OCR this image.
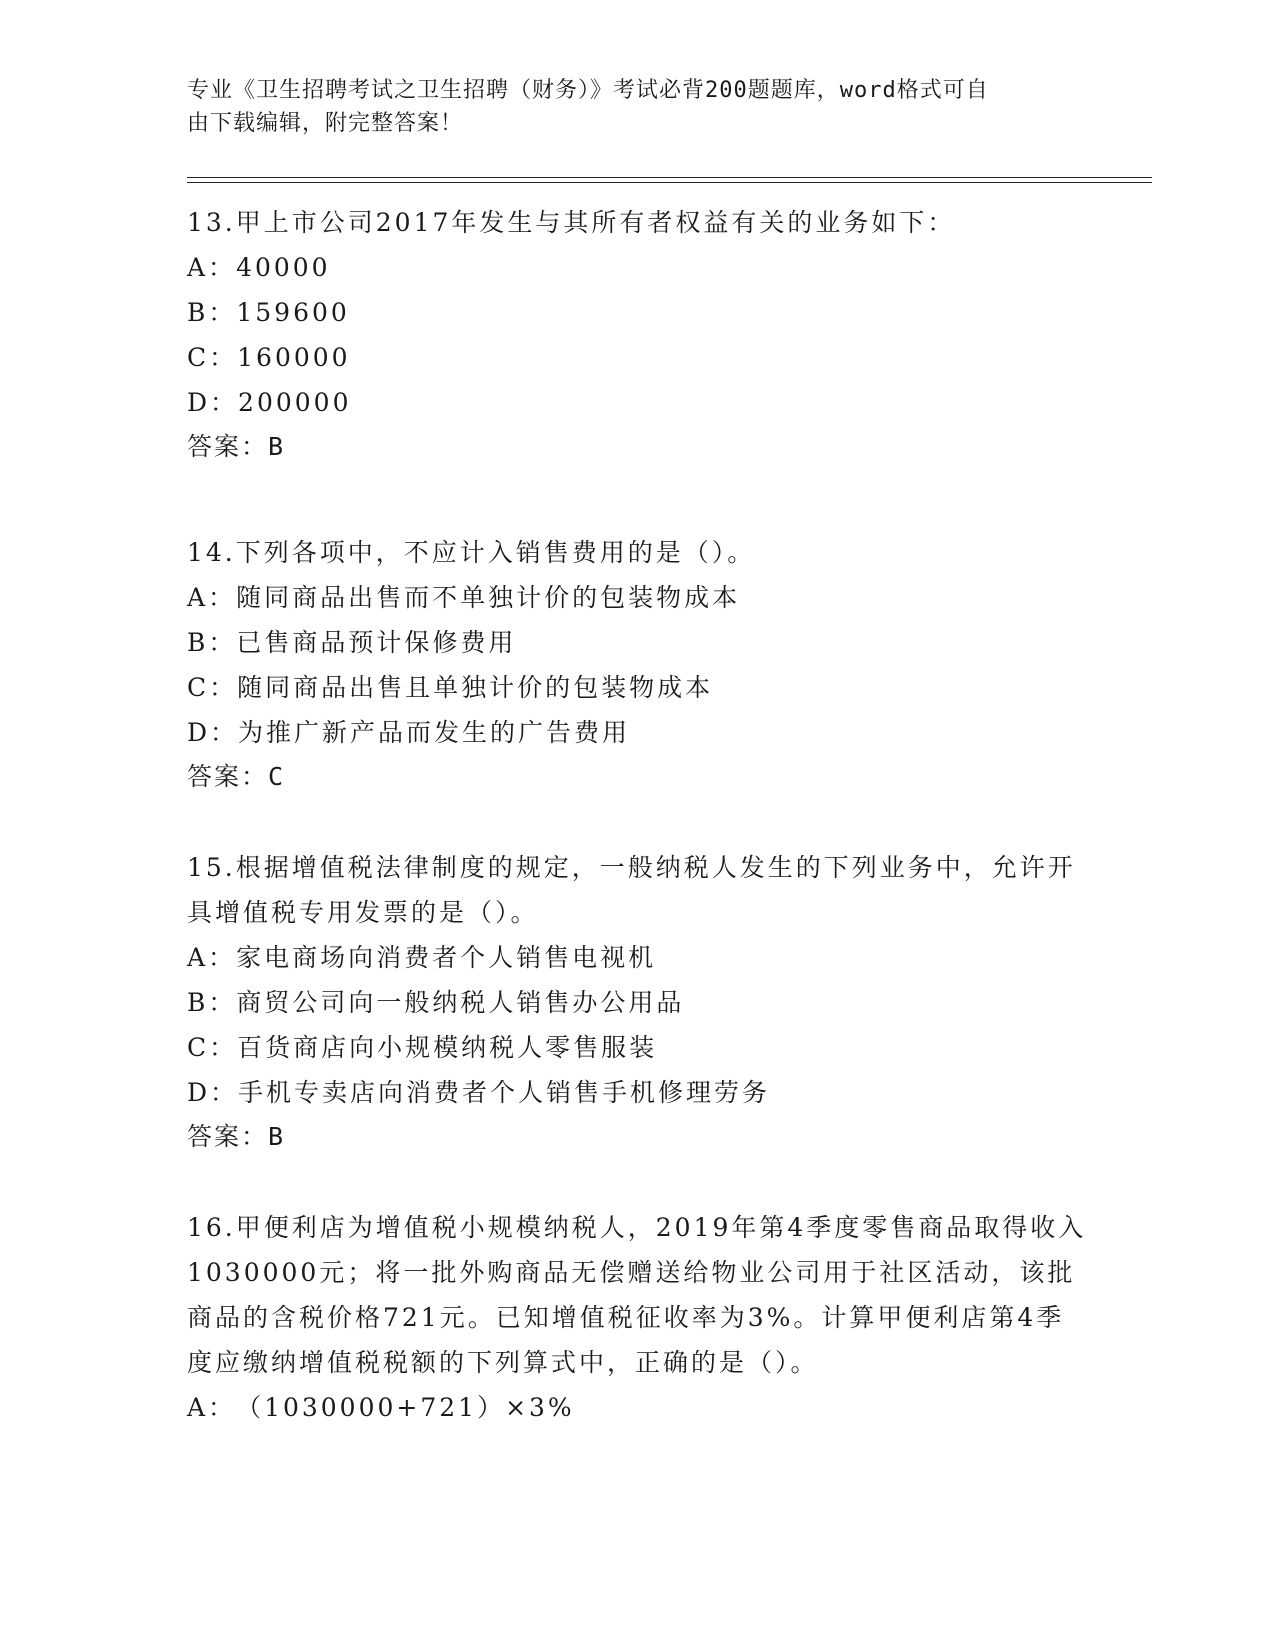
专业《卫生招聘考试之卫生招聘（财务）》考试必背200题题库，word格式可自
由下载编辑，附完整答案！

13.甲上市公司2017年发生与其所有者权益有关的业务如下：

A：40000

B：159600

C：160000

D：200000

答案：B

14.下列各项中，不应计入销售费用的是（）。

A：随同商品出售而不单独计价的包装物成本

B：已售商品预计保修费用

C：随同商品出售且单独计价的包装物成本

D：为推广新产品而发生的广告费用

答案：C

15.根据增值税法律制度的规定，一般纳税人发生的下列业务中，允许开具增值税专用发票的是（）。

A：家电商场向消费者个人销售电视机

B：商贸公司向一般纳税人销售办公用品

C：百货商店向小规模纳税人零售服装

D：手机专卖店向消费者个人销售手机修理劳务

答案：B

16.甲便利店为增值税小规模纳税人，2019年第4季度零售商品取得收入1030000元；将一批外购商品无偿赠送给物业公司用于社区活动，该批商品的含税价格721元。已知增值税征收率为3%。计算甲便利店第4季度应缴纳增值税税额的下列算式中，正确的是（）。

A：（1030000+721）×3%
